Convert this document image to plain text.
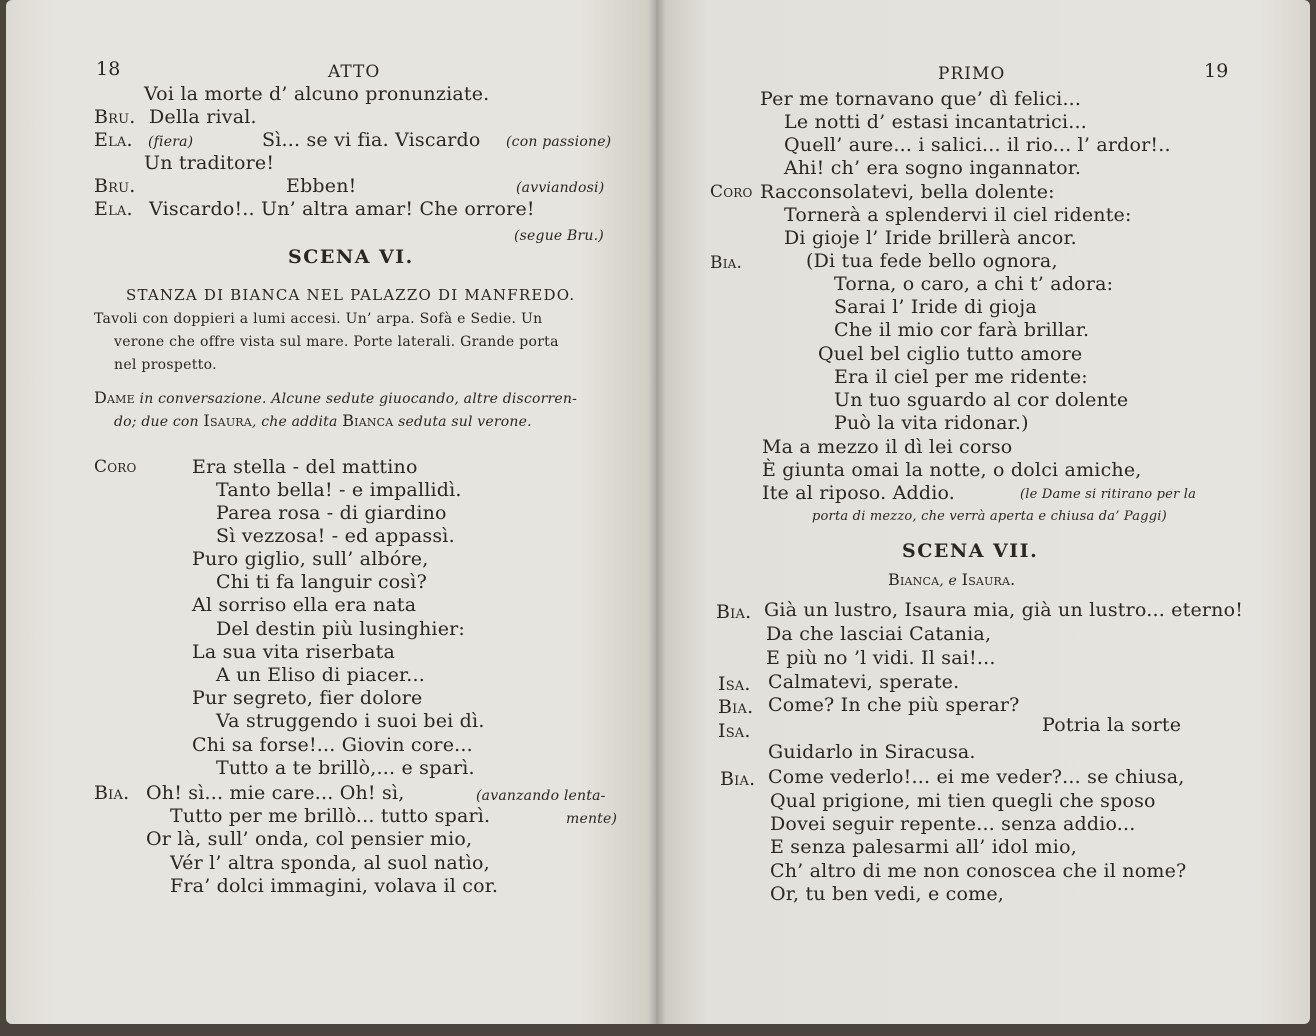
18	ATTO
Voi la morte d’ alcuno pronunziate.
Bru. Della rival.
Ela. (fiera)	Sì... se vi fia. Viscardo (con passione)
Un traditore!
Bru.	Ebben!	(avviandosi)
Ela. Viscardo!.. Un’ altra amar! Che orrore!
(segue Bru.)
SCENA VI.
STANZA DI BIANCA NEL PALAZZO DI MANFREDO.
Tavoli con doppieri a lumi accesi. Un’ arpa. Sofà e Sedie. Un
verone che offre vista sul mare. Porte laterali. Grande porta
nel prospetto.
Dame in conversazione. Alcune sedute giuocando, altre discorren-
do; due con Isaura, che addita Bianca seduta sul verone.
Coro	Era stella - del mattino
Tanto bella! - e impallidì.
Parea rosa - di giardino
Sì vezzosa! - ed appassì.
Puro giglio, sull’ albóre,
Chi ti fa languir così?
Al sorriso ella era nata
Del destin più lusinghier:
La sua vita riserbata
A un Eliso di piacer...
Pur segreto, fier dolore
Va struggendo i suoi bei dì.
Chi sa forse!... Giovin core...
Tutto a te brillò,... e sparì.
Bia. Oh! sì... mie care... Oh! sì,	(avanzando lenta-
Tutto per me brillò... tutto sparì.	mente)
Or là, sull’ onda, col pensier mio,
Vér l’ altra sponda, al suol natìo,
Fra’ dolci immagini, volava il cor.
PRIMO	19
Per me tornavano que’ dì felici...
Le notti d’ estasi incantatrici...
Quell’ aure... i salici... il rio... l’ ardor!..
Ahi! ch’ era sogno ingannator.
Coro Racconsolatevi, bella dolente:
Tornerà a splendervi il ciel ridente:
Di gioje l’ Iride brillerà ancor.
Bia.	(Di tua fede bello ognora,
Torna, o caro, a chi t’ adora:
Sarai l’ Iride di gioja
Che il mio cor farà brillar.
Quel bel ciglio tutto amore
Era il ciel per me ridente:
Un tuo sguardo al cor dolente
Può la vita ridonar.)
Ma a mezzo il dì lei corso
È giunta omai la notte, o dolci amiche,
Ite al riposo. Addio.	(le Dame si ritirano per la
porta di mezzo, che verrà aperta e chiusa da’ Paggi)
SCENA VII.
Bianca, e Isaura.
Bia. Già un lustro, Isaura mia, già un lustro... eterno!
Da che lasciai Catania,
E più no ’l vidi. Il sai!...
Isa. Calmatevi, sperate.
Bia. Come? In che più sperar?
Isa.	Potria la sorte
Guidarlo in Siracusa.
Bia. Come vederlo!... ei me veder?... se chiusa,
Qual prigione, mi tien quegli che sposo
Dovei seguir repente... senza addio...
E senza palesarmi all’ idol mio,
Ch’ altro di me non conoscea che il nome?
Or, tu ben vedi, e come,
